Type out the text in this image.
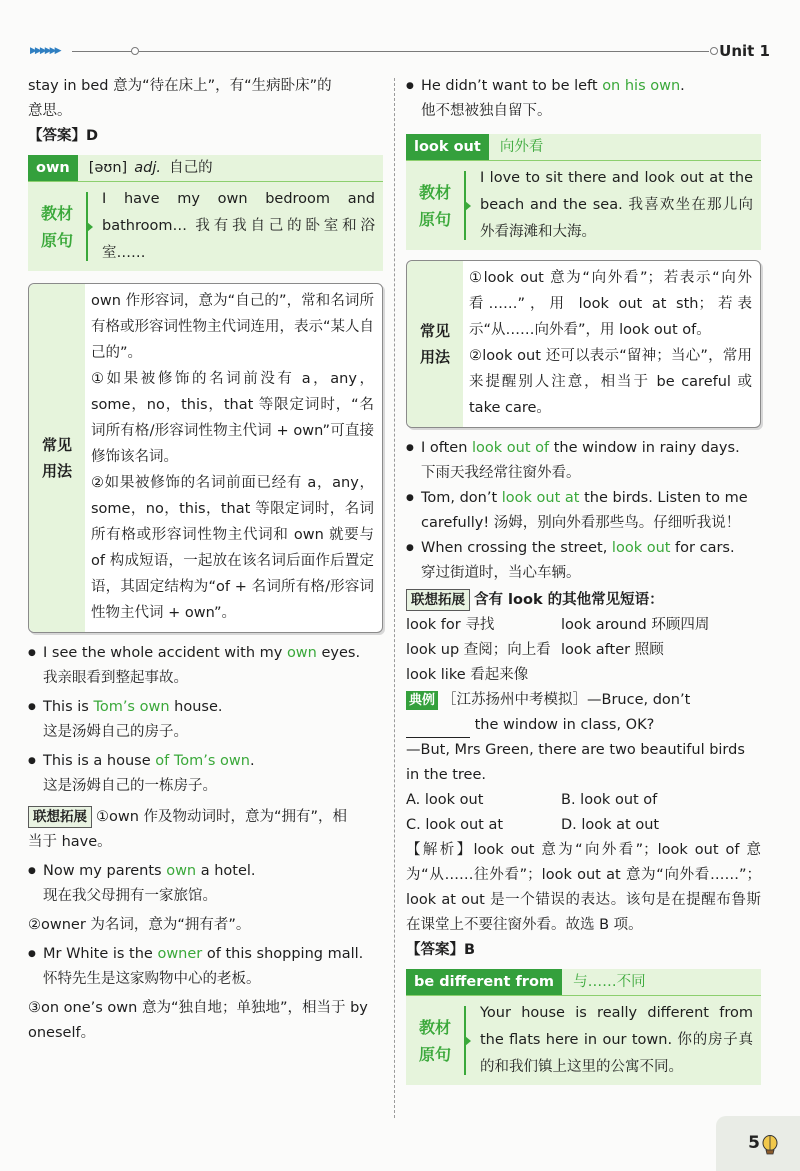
▶▶▶▶▶▶	Unit 1

stay in bed 意为“待在床上”，有“生病卧床”的

意思。

【答案】D

own [əʊn] adj. 自己的
教材
原句
I have my own bedroom and bathroom… 我有我自己的卧室和浴室……
常见
用法
own 作形容词，意为“自己的”，常和名词所有格或形容词性物主代词连用，表示“某人自己的”。
①如果被修饰的名词前没有 a，any，some，no，this，that 等限定词时，“名词所有格/形容词性物主代词 + own”可直接修饰该名词。
②如果被修饰的名词前面已经有 a，any，some，no，this，that 等限定词时，名词所有格或形容词性物主代词和 own 就要与 of 构成短语，一起放在该名词后面作后置定语，其固定结构为“of + 名词所有格/形容词性物主代词 + own”。

● I see the whole accident with my own eyes.

我亲眼看到整起事故。

● This is Tom’s own house.

这是汤姆自己的房子。

● This is a house of Tom’s own.

这是汤姆自己的一栋房子。

联想拓展 ①own 作及物动词时，意为“拥有”，相

当于 have。

● Now my parents own a hotel.

现在我父母拥有一家旅馆。

②owner 为名词，意为“拥有者”。

● Mr White is the owner of this shopping mall.

怀特先生是这家购物中心的老板。

③on one’s own 意为“独自地；单独地”，相当于 by

oneself。

● He didn’t want to be left on his own.

他不想被独自留下。

look out 向外看
教材
原句
I love to sit there and look out at the beach and the sea. 我喜欢坐在那儿向外看海滩和大海。
常见
用法
①look out 意为“向外看”；若表示“向外看……”，用 look out at sth；若表示“从……向外看”，用 look out of。
②look out 还可以表示“留神；当心”，常用来提醒别人注意，相当于 be careful 或 take care。

● I often look out of the window in rainy days.

下雨天我经常往窗外看。

● Tom, don’t look out at the birds. Listen to me carefully! 汤姆，别向外看那些鸟。仔细听我说！

● When crossing the street, look out for cars.

穿过街道时，当心车辆。

联想拓展 含有 look 的其他常见短语：

look for 寻找	look around 环顾四周
look up 查阅；向上看 look after 照顾
look like 看起来像

典例 ［江苏扬州中考模拟］—Bruce, don’t

the window in class, OK?

—But, Mrs Green, there are two beautiful birds in the tree.

A. look out	B. look out of
C. look out at	D. look at out

【解析】look out 意为“向外看”；look out of 意为“从……往外看”；look out at 意为“向外看……”；look at out 是一个错误的表达。该句是在提醒布鲁斯在课堂上不要往窗外看。故选 B 项。

【答案】B

be different from 与……不同
教材
原句
Your house is really different from the flats here in our town. 你的房子真的和我们镇上这里的公寓不同。
5
